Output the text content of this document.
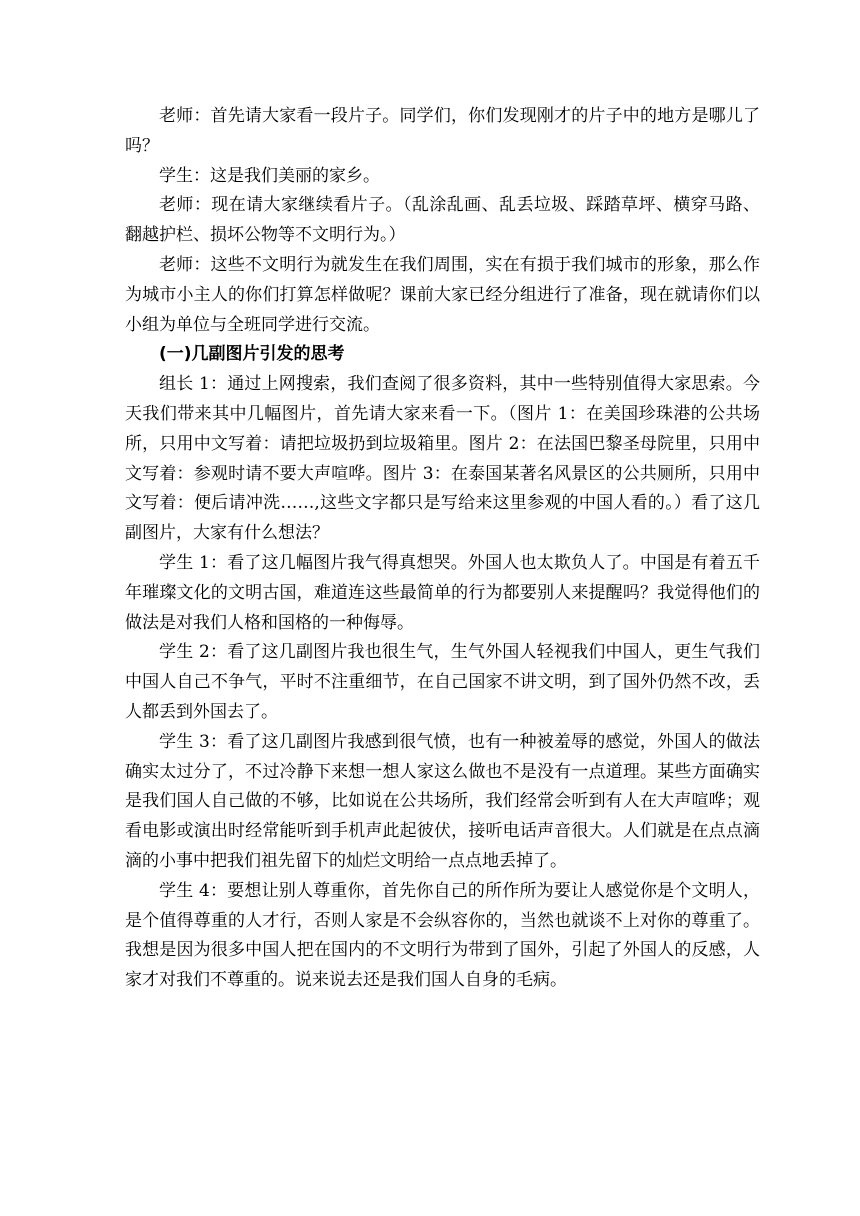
老师：首先请大家看一段片子。同学们，你们发现刚才的片子中的地方是哪儿了吗？

学生：这是我们美丽的家乡。

老师：现在请大家继续看片子。（乱涂乱画、乱丢垃圾、踩踏草坪、横穿马路、翻越护栏、损坏公物等不文明行为。）

老师：这些不文明行为就发生在我们周围，实在有损于我们城市的形象，那么作为城市小主人的你们打算怎样做呢？课前大家已经分组进行了准备，现在就请你们以小组为单位与全班同学进行交流。

(一)几副图片引发的思考

组长 1：通过上网搜索，我们查阅了很多资料，其中一些特别值得大家思索。今天我们带来其中几幅图片，首先请大家来看一下。（图片 1：在美国珍珠港的公共场所，只用中文写着：请把垃圾扔到垃圾箱里。图片 2：在法国巴黎圣母院里，只用中文写着：参观时请不要大声喧哗。图片 3：在泰国某著名风景区的公共厕所，只用中文写着：便后请冲洗……,这些文字都只是写给来这里参观的中国人看的。）看了这几副图片，大家有什么想法？

学生 1：看了这几幅图片我气得真想哭。外国人也太欺负人了。中国是有着五千年璀璨文化的文明古国，难道连这些最简单的行为都要别人来提醒吗？我觉得他们的做法是对我们人格和国格的一种侮辱。

学生 2：看了这几副图片我也很生气，生气外国人轻视我们中国人，更生气我们中国人自己不争气，平时不注重细节，在自己国家不讲文明，到了国外仍然不改，丢人都丢到外国去了。

学生 3：看了这几副图片我感到很气愤，也有一种被羞辱的感觉，外国人的做法确实太过分了，不过冷静下来想一想人家这么做也不是没有一点道理。某些方面确实是我们国人自己做的不够，比如说在公共场所，我们经常会听到有人在大声喧哗；观看电影或演出时经常能听到手机声此起彼伏，接听电话声音很大。人们就是在点点滴滴的小事中把我们祖先留下的灿烂文明给一点点地丢掉了。

学生 4：要想让别人尊重你，首先你自己的所作所为要让人感觉你是个文明人，是个值得尊重的人才行，否则人家是不会纵容你的，当然也就谈不上对你的尊重了。我想是因为很多中国人把在国内的不文明行为带到了国外，引起了外国人的反感，人家才对我们不尊重的。说来说去还是我们国人自身的毛病。
